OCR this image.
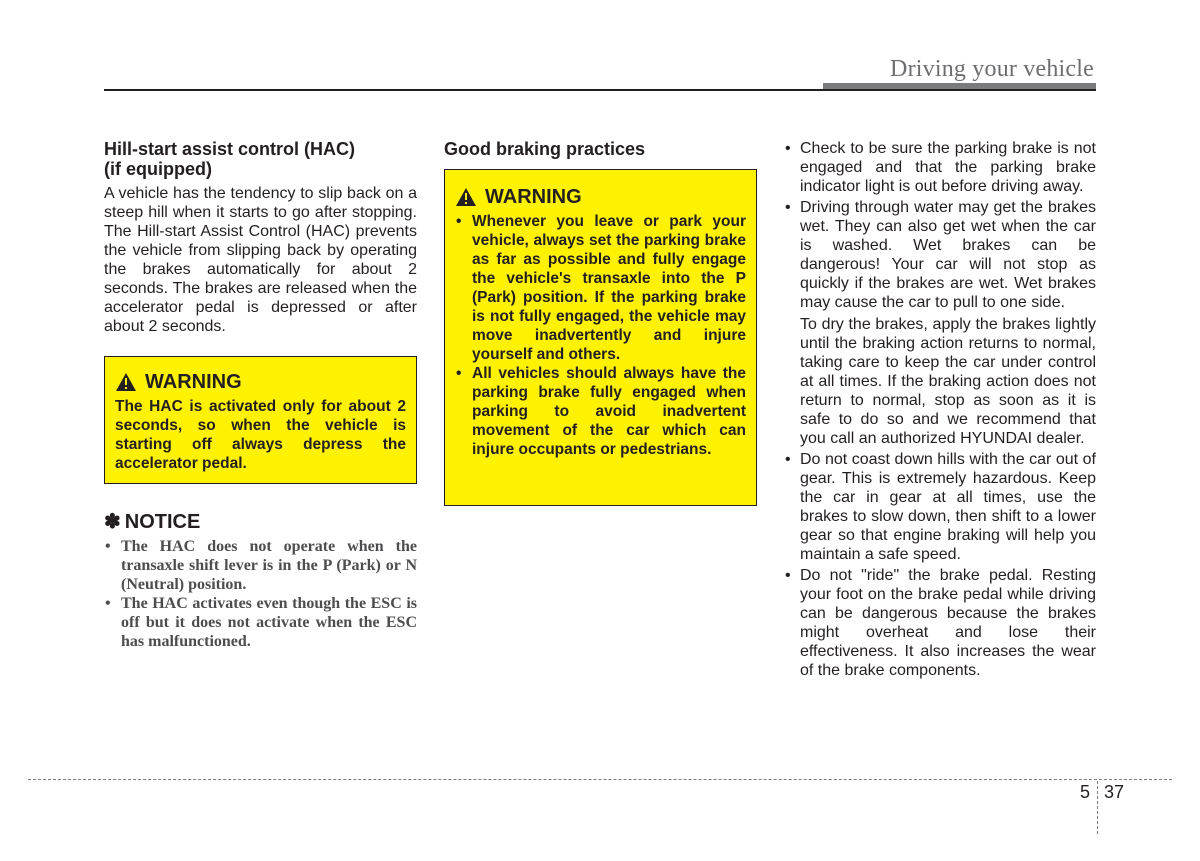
Driving your vehicle
Hill-start assist control (HAC)
(if equipped)

A vehicle has the tendency to slip back on a steep hill when it starts to go after stopping. The Hill-start Assist Control (HAC) prevents the vehicle from slipping back by operating the brakes automatically for about 2 seconds. The brakes are released when the accelerator pedal is depressed or after about 2 seconds.

WARNING
The HAC is activated only for about 2 seconds, so when the vehicle is starting off always depress the accelerator pedal.
✽ NOTICE
• The HAC does not operate when the transaxle shift lever is in the P (Park) or N (Neutral) position.
• The HAC activates even though the ESC is off but it does not activate when the ESC has malfunctioned.
Good braking practices
WARNING
• Whenever you leave or park your vehicle, always set the parking brake as far as possible and fully engage the vehicle's transaxle into the P (Park) position. If the parking brake is not fully engaged, the vehicle may move inadvertently and injure yourself and others.
• All vehicles should always have the parking brake fully engaged when parking to avoid inadvertent movement of the car which can injure occupants or pedestrians.
• Check to be sure the parking brake is not engaged and that the parking brake indicator light is out before driving away.
• Driving through water may get the brakes wet. They can also get wet when the car is washed. Wet brakes can be dangerous! Your car will not stop as quickly if the brakes are wet. Wet brakes may cause the car to pull to one side.
To dry the brakes, apply the brakes lightly until the braking action returns to normal, taking care to keep the car under control at all times. If the braking action does not return to normal, stop as soon as it is safe to do so and we recommend that you call an authorized HYUNDAI dealer.
• Do not coast down hills with the car out of gear. This is extremely hazardous. Keep the car in gear at all times, use the brakes to slow down, then shift to a lower gear so that engine braking will help you maintain a safe speed.
• Do not "ride" the brake pedal. Resting your foot on the brake pedal while driving can be dangerous because the brakes might overheat and lose their effectiveness. It also increases the wear of the brake components.
5 37
